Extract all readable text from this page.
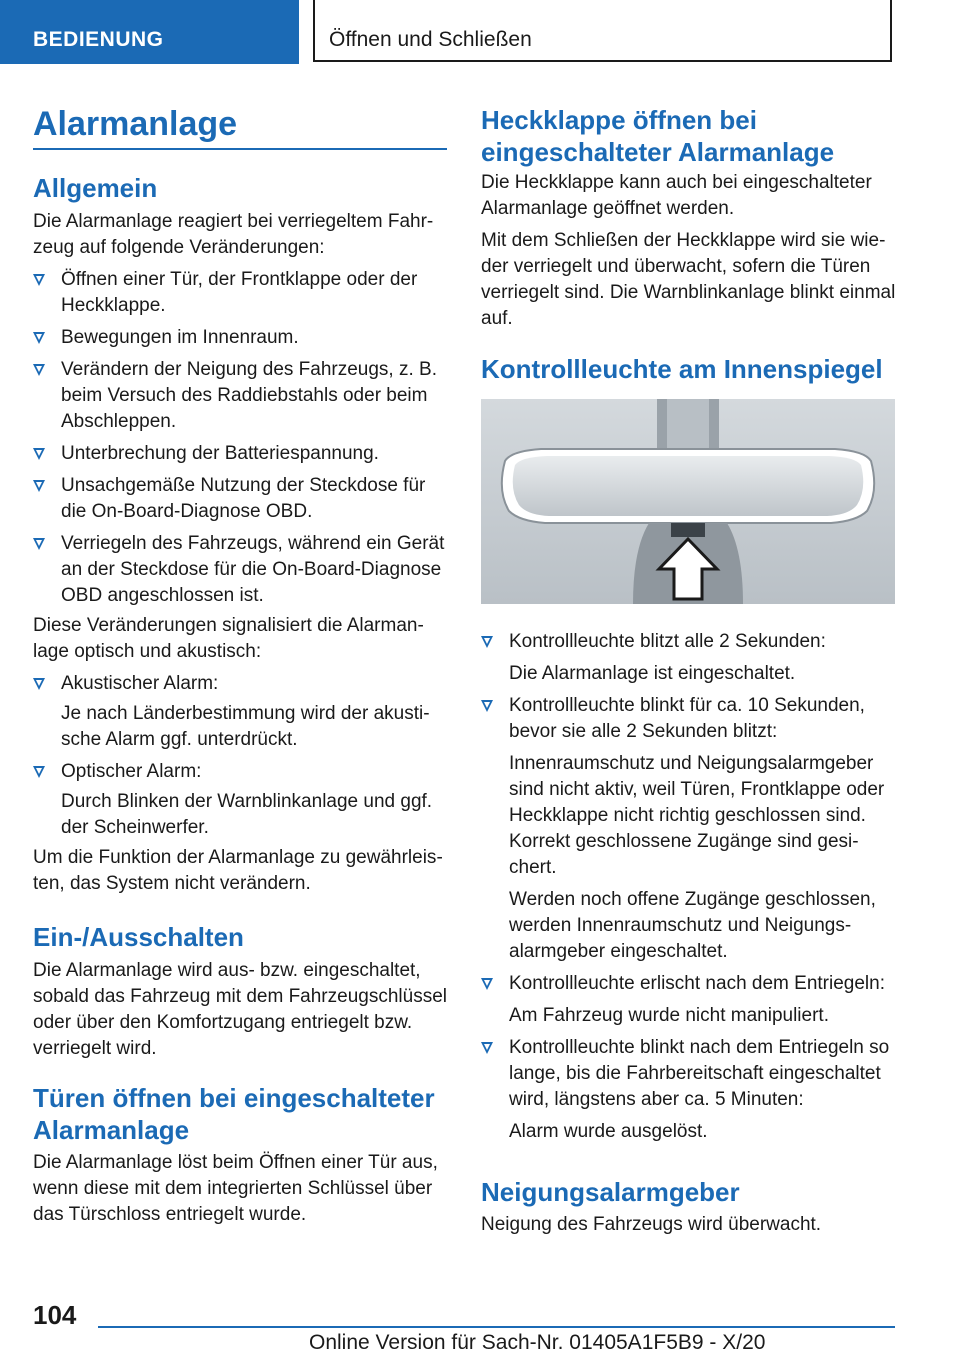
BEDIENUNG	Öffnen und Schließen
Alarmanlage
Allgemein

Die Alarmanlage reagiert bei verriegeltem Fahrzeug auf folgende Veränderungen:

Öffnen einer Tür, der Frontklappe oder der Heckklappe.
Bewegungen im Innenraum.
Verändern der Neigung des Fahrzeugs, z. B. beim Versuch des Raddiebstahls oder beim Abschleppen.
Unterbrechung der Batteriespannung.
Unsachgemäße Nutzung der Steckdose für die On-Board-Diagnose OBD.
Verriegeln des Fahrzeugs, während ein Gerät an der Steckdose für die On-Board-Diagnose OBD angeschlossen ist.

Diese Veränderungen signalisiert die Alarmanlage optisch und akustisch:

Akustischer Alarm:
Je nach Länderbestimmung wird der akustische Alarm ggf. unterdrückt.
Optischer Alarm:
Durch Blinken der Warnblinkanlage und ggf. der Scheinwerfer.

Um die Funktion der Alarmanlage zu gewährleisten, das System nicht verändern.

Ein-/Ausschalten

Die Alarmanlage wird aus- bzw. eingeschaltet, sobald das Fahrzeug mit dem Fahrzeugschlüssel oder über den Komfortzugang entriegelt bzw. verriegelt wird.

Türen öffnen bei eingeschalteter Alarmanlage

Die Alarmanlage löst beim Öffnen einer Tür aus, wenn diese mit dem integrierten Schlüssel über das Türschloss entriegelt wurde.

Heckklappe öffnen bei eingeschalteter Alarmanlage

Die Heckklappe kann auch bei eingeschalteter Alarmanlage geöffnet werden.

Mit dem Schließen der Heckklappe wird sie wieder verriegelt und überwacht, sofern die Türen verriegelt sind. Die Warnblinkanlage blinkt einmal auf.

Kontrollleuchte am Innenspiegel
Kontrollleuchte blitzt alle 2 Sekunden:
Die Alarmanlage ist eingeschaltet.
Kontrollleuchte blinkt für ca. 10 Sekunden, bevor sie alle 2 Sekunden blitzt:
Innenraumschutz und Neigungsalarmgeber sind nicht aktiv, weil Türen, Frontklappe oder Heckklappe nicht richtig geschlossen sind. Korrekt geschlossene Zugänge sind gesichert.
Werden noch offene Zugänge geschlossen, werden Innenraumschutz und Neigungsalarmgeber eingeschaltet.
Kontrollleuchte erlischt nach dem Entriegeln:
Am Fahrzeug wurde nicht manipuliert.
Kontrollleuchte blinkt nach dem Entriegeln so lange, bis die Fahrbereitschaft eingeschaltet wird, längstens aber ca. 5 Minuten:
Alarm wurde ausgelöst.
Neigungsalarmgeber

Neigung des Fahrzeugs wird überwacht.

104
Online Version für Sach-Nr. 01405A1F5B9 - X/20
